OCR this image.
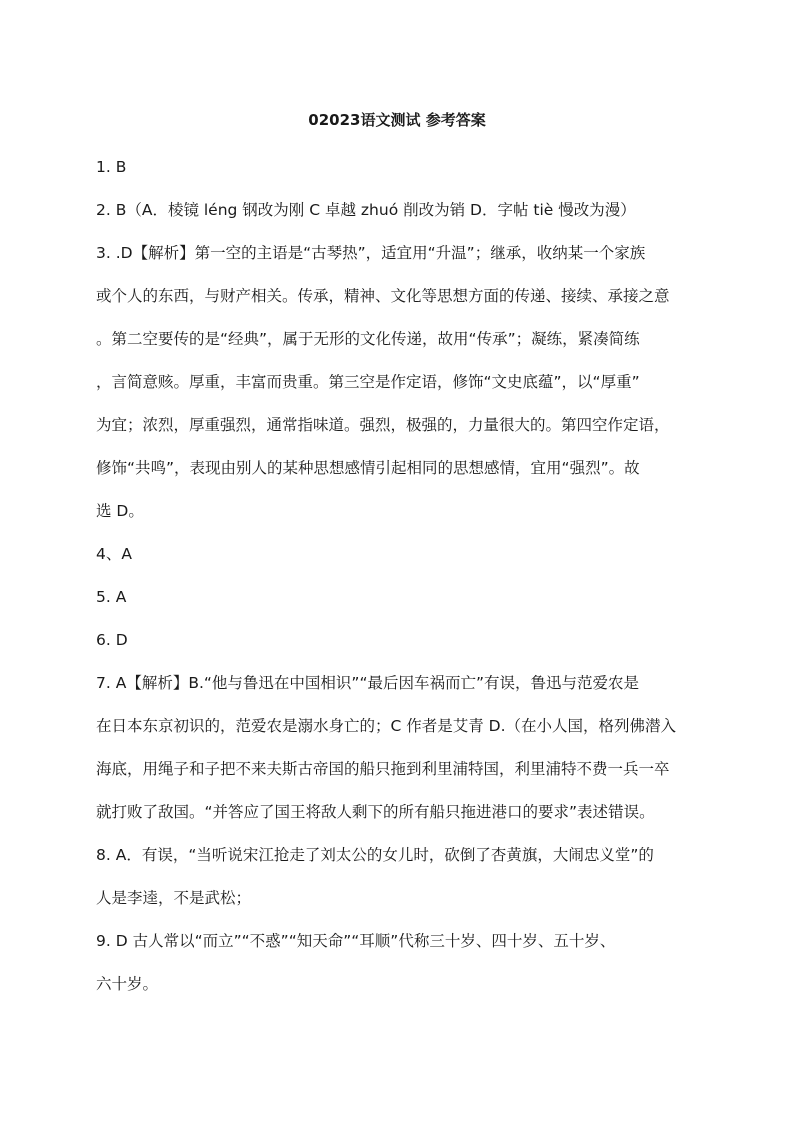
02023语文测试 参考答案
1. B
2. B（A．棱镜 léng 钢改为刚 C 卓越 zhuó 削改为销 D．字帖 tiè 慢改为漫）
3. .D【解析】第一空的主语是“古琴热”，适宜用“升温”；继承，收纳某一个家族
或个人的东西，与财产相关。传承，精神、文化等思想方面的传递、接续、承接之意
。第二空要传的是“经典”，属于无形的文化传递，故用“传承”；凝练，紧凑简练
，言简意赅。厚重，丰富而贵重。第三空是作定语，修饰“文史底蕴”，以“厚重”
为宜；浓烈，厚重强烈，通常指味道。强烈，极强的，力量很大的。第四空作定语，
修饰“共鸣”，表现由别人的某种思想感情引起相同的思想感情，宜用“强烈”。故
选 D。
4、A
5. A
6. D
7. A【解析】B.“他与鲁迅在中国相识”“最后因车祸而亡”有误，鲁迅与范爱农是
在日本东京初识的，范爱农是溺水身亡的；C 作者是艾青 D.（在小人国，格列佛潜入
海底，用绳子和子把不来夫斯古帝国的船只拖到利里浦特国，利里浦特不费一兵一卒
就打败了敌国。“并答应了国王将敌人剩下的所有船只拖进港口的要求”表述错误。
8. A．有误，“当听说宋江抢走了刘太公的女儿时，砍倒了杏黄旗，大闹忠义堂”的
人是李逵，不是武松；
9. D 古人常以“而立”“不惑”“知天命”“耳顺”代称三十岁、四十岁、五十岁、
六十岁。
